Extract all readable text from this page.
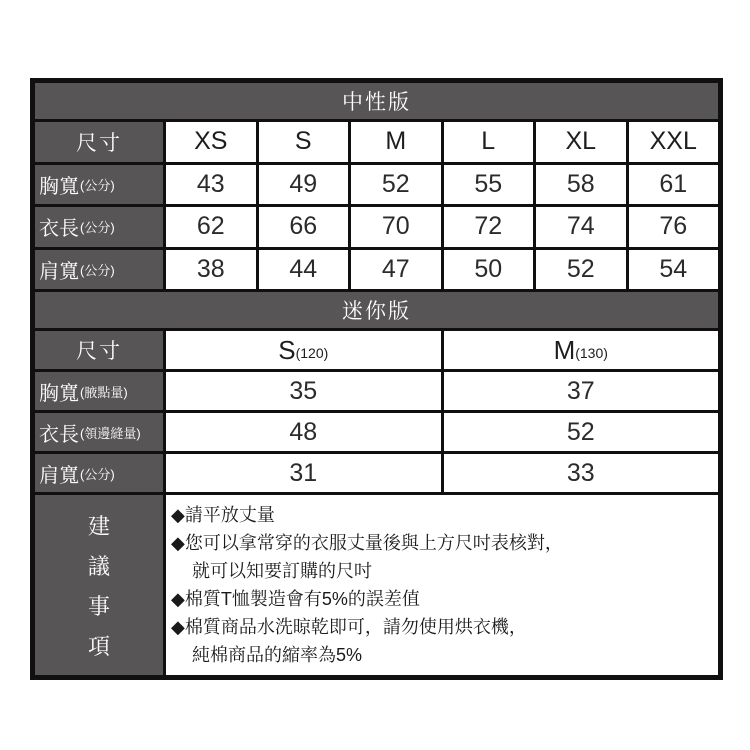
中性版
尺寸	XS	S	M	L	XL	XXL
胸寬 (公分)	43	49	52	55	58	61
衣長 (公分)	62	66	70	72	74	76
肩寬 (公分)	38	44	47	50	52	54
迷你版
尺寸	S (120)	M (130)
胸寬 (腋點量)	35	37
衣長 (領邊縫量)	48	52
肩寬 (公分)	31	33
建
議
事
項
◆請平放丈量
◆您可以拿常穿的衣服丈量後與上方尺吋表核對，
就可以知要訂購的尺吋
◆棉質T恤製造會有5%的誤差值
◆棉質商品水洗晾乾即可，請勿使用烘衣機，
純棉商品的縮率為5%
